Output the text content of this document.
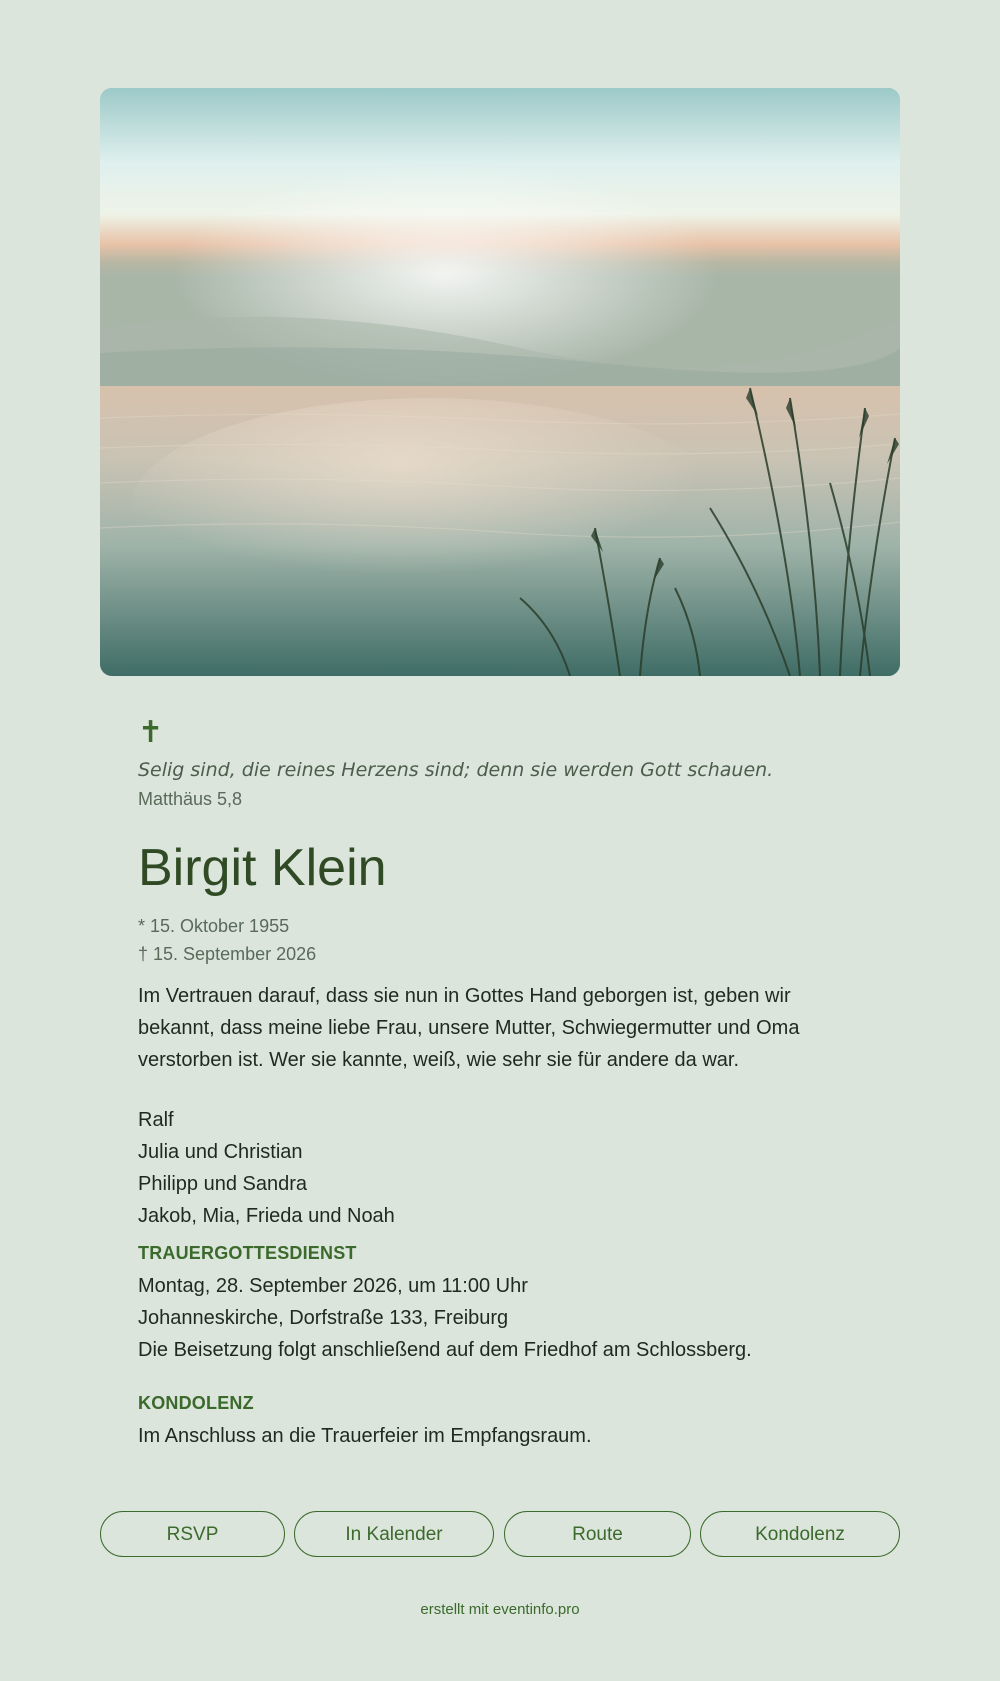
✝
Selig sind, die reines Herzens sind; denn sie werden Gott schauen.
Matthäus 5,8
Birgit Klein
* 15. Oktober 1955
† 15. September 2026
Im Vertrauen darauf, dass sie nun in Gottes Hand geborgen ist, geben wir bekannt, dass meine liebe Frau, unsere Mutter, Schwiegermutter und Oma verstorben ist. Wer sie kannte, weiß, wie sehr sie für andere da war.
Ralf
Julia und Christian
Philipp und Sandra
Jakob, Mia, Frieda und Noah
TRAUERGOTTESDIENST
Montag, 28. September 2026, um 11:00 Uhr
Johanneskirche, Dorfstraße 133, Freiburg
Die Beisetzung folgt anschließend auf dem Friedhof am Schlossberg.
KONDOLENZ
Im Anschluss an die Trauerfeier im Empfangsraum.
RSVP	In Kalender	Route	Kondolenz
erstellt mit eventinfo.pro
